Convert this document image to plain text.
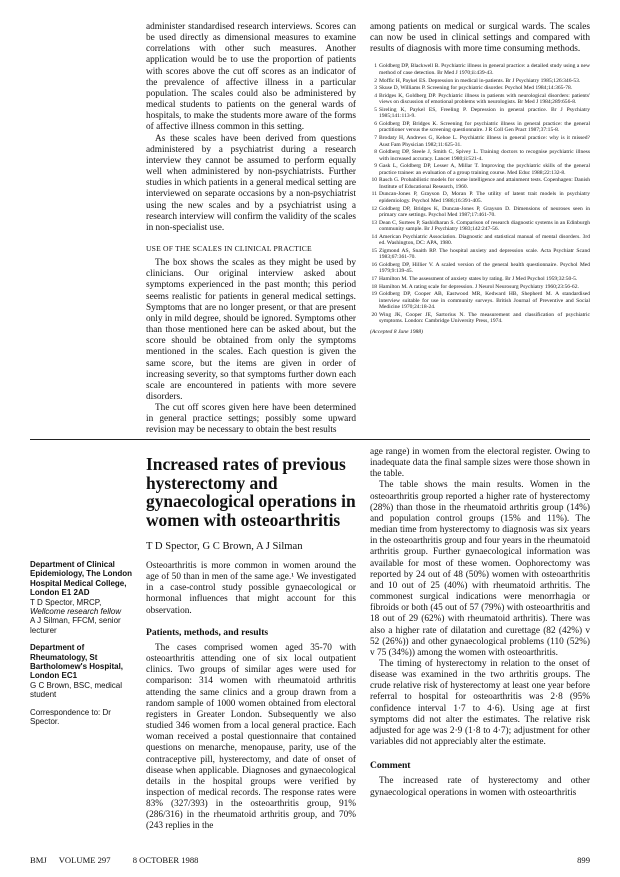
administer standardised research interviews. Scores can be used directly as dimensional measures to examine correlations with other such measures. Another application would be to use the proportion of patients with scores above the cut off scores as an indicator of the prevalence of affective illness in a particular population. The scales could also be administered by medical students to patients on the general wards of hospitals, to make the students more aware of the forms of affective illness common in this setting.

As these scales have been derived from questions administered by a psychiatrist during a research interview they cannot be assumed to perform equally well when administered by non-psychiatrists. Further studies in which patients in a general medical setting are interviewed on separate occasions by a non-psychiatrist using the new scales and by a psychiatrist using a research interview will confirm the validity of the scales in non-specialist use.

USE OF THE SCALES IN CLINICAL PRACTICE

The box shows the scales as they might be used by clinicians. Our original interview asked about symptoms experienced in the past month; this period seems realistic for patients in general medical settings. Symptoms that are no longer present, or that are present only in mild degree, should be ignored. Symptoms other than those mentioned here can be asked about, but the score should be obtained from only the symptoms mentioned in the scales. Each question is given the same score, but the items are given in order of increasing severity, so that symptoms further down each scale are encountered in patients with more severe disorders.

The cut off scores given here have been determined in general practice settings; possibly some upward revision may be necessary to obtain the best results

among patients on medical or surgical wards. The scales can now be used in clinical settings and compared with results of diagnosis with more time consuming methods.

1 Goldberg DP, Blackwell B. Psychiatric illness in general practice: a detailed study using a new method of case detection. Br Med J 1970;ii:439-43.
2 Moffic H, Paykel ES. Depression in medical in-patients. Br J Psychiatry 1985;126:346-53.
3 Skuse D, Williams P. Screening for psychiatric disorder. Psychol Med 1984;14:365-78.
4 Bridges K, Goldberg DP. Psychiatric illness in patients with neurological disorders: patients' views on discussion of emotional problems with neurologists. Br Med J 1984;289:656-8.
5 Sireling K, Paykel ES, Freeling P. Depression in general practice. Br J Psychiatry 1985;141:113-9.
6 Goldberg DP, Bridges K. Screening for psychiatric illness in general practice: the general practitioner versus the screening questionnaire. J R Coll Gen Pract 1987;37:15-8.
7 Brodaty H, Andrews G, Kehoe L. Psychiatric illness in general practice: why is it missed? Aust Fam Physician 1982;11:625-31.
8 Goldberg DP, Steele J, Smith C, Spivey L. Training doctors to recognise psychiatric illness with increased accuracy. Lancet 1980;ii:521-4.
9 Gask L, Goldberg DP, Lesser A, Millar T. Improving the psychiatric skills of the general practice trainee: an evaluation of a group training course. Med Educ 1988;22:132-8.
10 Rasch G. Probabilistic models for some intelligence and attainment tests. Copenhagen: Danish Institute of Educational Research, 1960.
11 Duncan-Jones P, Grayson D, Moran P. The utility of latent trait models in psychiatry epidemiology. Psychol Med 1986;16:391-405.
12 Goldberg DP, Bridges K, Duncan-Jones P, Grayson D. Dimensions of neuroses seen in primary care settings. Psychol Med 1987;17:461-70.
13 Dean C, Surtees P, Sashidharan S. Comparison of research diagnostic systems in an Edinburgh community sample. Br J Psychiatry 1983;142:247-56.
14 American Psychiatric Association. Diagnostic and statistical manual of mental disorders. 3rd ed. Washington, DC: APA, 1980.
15 Zigmond AS, Snaith RP. The hospital anxiety and depression scale. Acta Psychiatr Scand 1983;67:361-70.
16 Goldberg DP, Hillier V. A scaled version of the general health questionnaire. Psychol Med 1979;9:139-45.
17 Hamilton M. The assessment of anxiety states by rating. Br J Med Psychol 1959;32:50-5.
18 Hamilton M. A rating scale for depression. J Neurol Neurosurg Psychiatry 1960;23:56-62.
19 Goldberg DP, Cooper AB, Eastwood MR, Kedward HB, Shepherd M. A standardised interview suitable for use in community surveys. British Journal of Preventive and Social Medicine 1970;24:18-24.
20 Wing JK, Cooper JE, Sartorius N. The measurement and classification of psychiatric symptoms. London: Cambridge University Press, 1974.
(Accepted 8 June 1988)
Increased rates of previous hysterectomy and gynaecological operations in women with osteoarthritis

T D Spector, G C Brown, A J Silman

Department of Clinical Epidemiology, The London Hospital Medical College, London E1 2AD
T D Spector, MRCP,
Wellcome research fellow
A J Silman, FFCM, senior lecturer
Department of Rheumatology, St Bartholomew's Hospital, London EC1
G C Brown, BSC, medical student
Correspondence to: Dr Spector.

Osteoarthritis is more common in women around the age of 50 than in men of the same age.¹ We investigated in a case-control study possible gynaecological or hormonal influences that might account for this observation.

Patients, methods, and results

The cases comprised women aged 35-70 with osteoarthritis attending one of six local outpatient clinics. Two groups of similar ages were used for comparison: 314 women with rheumatoid arthritis attending the same clinics and a group drawn from a random sample of 1000 women obtained from electoral registers in Greater London. Subsequently we also studied 346 women from a local general practice. Each woman received a postal questionnaire that contained questions on menarche, menopause, parity, use of the contraceptive pill, hysterectomy, and date of onset of disease when applicable. Diagnoses and gynaecological details in the hospital groups were verified by inspection of medical records. The response rates were 83% (327/393) in the osteoarthritis group, 91% (286/316) in the rheumatoid arthritis group, and 70% (243 replies in the

age range) in women from the electoral register. Owing to inadequate data the final sample sizes were those shown in the table.

The table shows the main results. Women in the osteoarthritis group reported a higher rate of hysterectomy (28%) than those in the rheumatoid arthritis group (14%) and population control groups (15% and 11%). The median time from hysterectomy to diagnosis was six years in the osteoarthritis group and four years in the rheumatoid arthritis group. Further gynaecological information was available for most of these women. Oophorectomy was reported by 24 out of 48 (50%) women with osteoarthritis and 10 out of 25 (40%) with rheumatoid arthritis. The commonest surgical indications were menorrhagia or fibroids or both (45 out of 57 (79%) with osteoarthritis and 18 out of 29 (62%) with rheumatoid arthritis). There was also a higher rate of dilatation and curettage (82 (42%) v 52 (26%)) and other gynaecological problems (110 (52%) v 75 (34%)) among the women with osteoarthritis.

The timing of hysterectomy in relation to the onset of disease was examined in the two arthritis groups. The crude relative risk of hysterectomy at least one year before referral to hospital for osteoarthritis was 2·8 (95% confidence interval 1·7 to 4·6). Using age at first symptoms did not alter the estimates. The relative risk adjusted for age was 2·9 (1·8 to 4·7); adjustment for other variables did not appreciably alter the estimate.

Comment

The increased rate of hysterectomy and other gynaecological operations in women with osteoarthritis

BMJ VOLUME 297	8 OCTOBER 1988	899
